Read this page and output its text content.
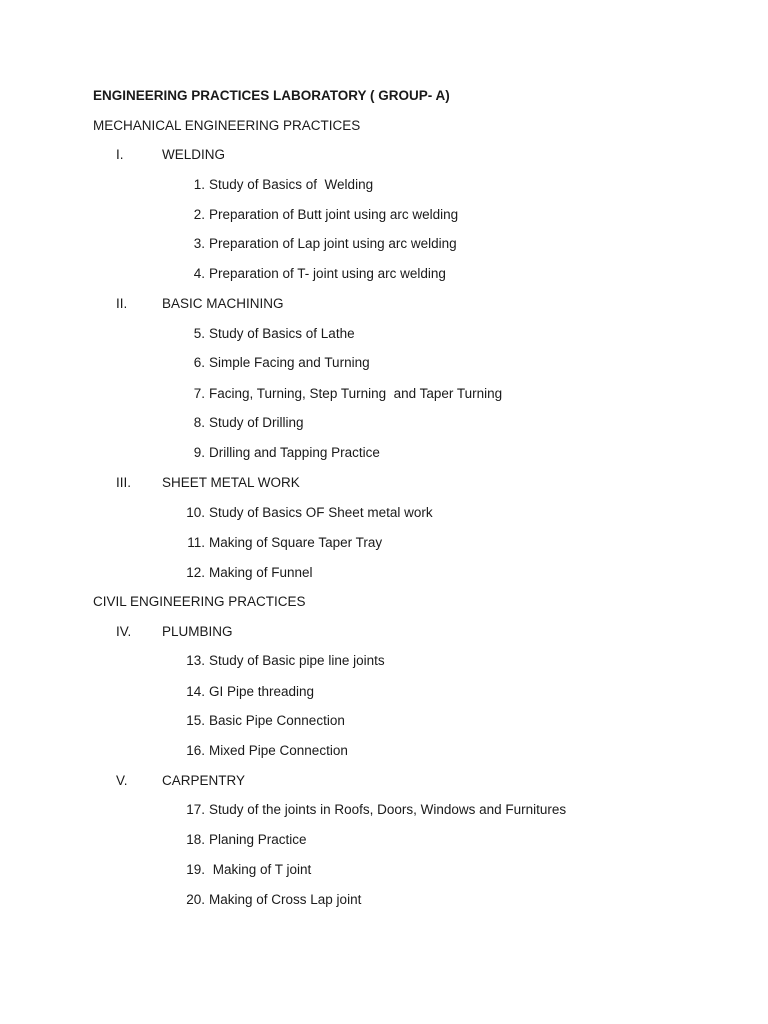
ENGINEERING PRACTICES LABORATORY ( GROUP- A)
MECHANICAL ENGINEERING PRACTICES
I.	WELDING
1. Study of Basics of  Welding
2. Preparation of Butt joint using arc welding
3. Preparation of Lap joint using arc welding
4. Preparation of T- joint using arc welding
II.	BASIC MACHINING
5. Study of Basics of Lathe
6. Simple Facing and Turning
7. Facing, Turning, Step Turning  and Taper Turning
8. Study of Drilling
9. Drilling and Tapping Practice
III. SHEET METAL WORK
10. Study of Basics OF Sheet metal work
11. Making of Square Taper Tray
12. Making of Funnel
CIVIL ENGINEERING PRACTICES
IV. PLUMBING
13. Study of Basic pipe line joints
14. GI Pipe threading
15. Basic Pipe Connection
16. Mixed Pipe Connection
V.	CARPENTRY
17. Study of the joints in Roofs, Doors, Windows and Furnitures
18. Planing Practice
19. Making of T joint
20. Making of Cross Lap joint
